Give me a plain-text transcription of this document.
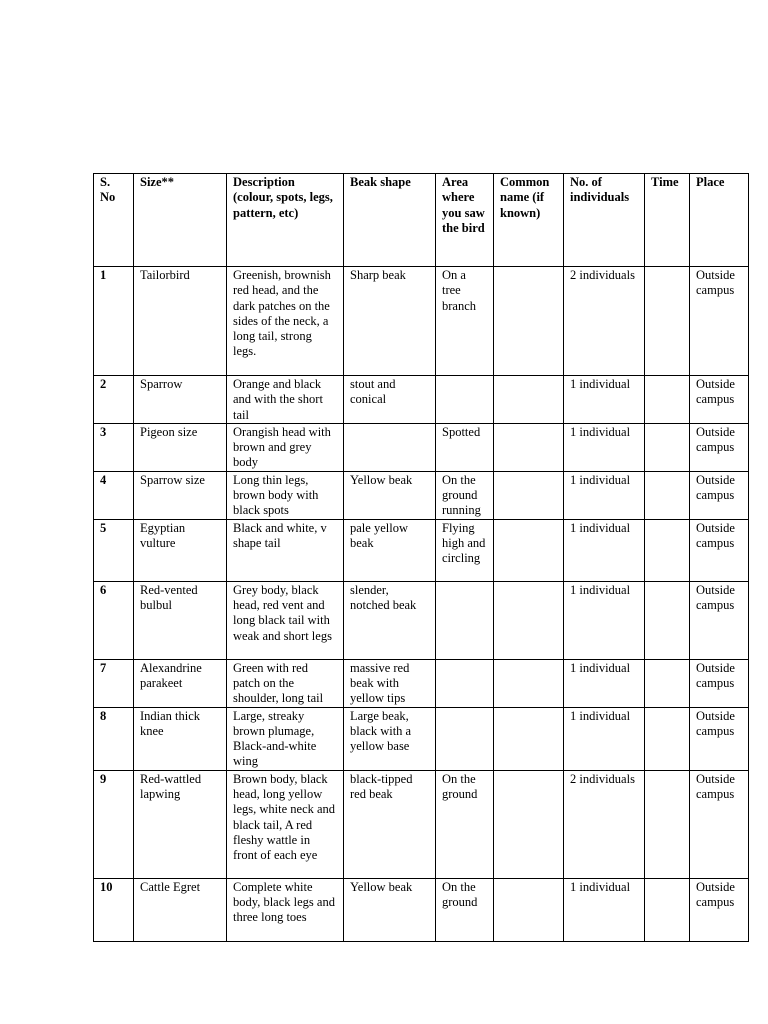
S. No	Size**	Description (colour, spots, legs, pattern, etc)	Beak shape	Area where you saw the bird	Common name (if known)	No. of individuals	Time	Place
1	Tailorbird	Greenish, brownish red head, and the dark patches on the sides of the neck, a long tail, strong legs.	Sharp beak	On a tree branch		2 individuals		Outside campus
2	Sparrow	Orange and black and with the short tail	stout and conical			1 individual		Outside campus
3	Pigeon size	Orangish head with brown and grey body		Spotted		1 individual		Outside campus
4	Sparrow size	Long thin legs, brown body with black spots	Yellow beak	On the ground running		1 individual		Outside campus
5	Egyptian vulture	Black and white, v shape tail	pale yellow beak	Flying high and circling		1 individual		Outside campus
6	Red-vented bulbul	Grey body, black head, red vent and long black tail with weak and short legs	slender, notched beak			1 individual		Outside campus
7	Alexandrine parakeet	Green with red patch on the shoulder, long tail	massive red beak with yellow tips			1 individual		Outside campus
8	Indian thick knee	Large, streaky brown plumage, Black-and-white wing	Large beak, black with a yellow base			1 individual		Outside campus
9	Red-wattled lapwing	Brown body, black head, long yellow legs, white neck and black tail, A red fleshy wattle in front of each eye	black-tipped red beak	On the ground		2 individuals		Outside campus
10	Cattle Egret	Complete white body, black legs and three long toes	Yellow beak	On the ground		1 individual		Outside campus
